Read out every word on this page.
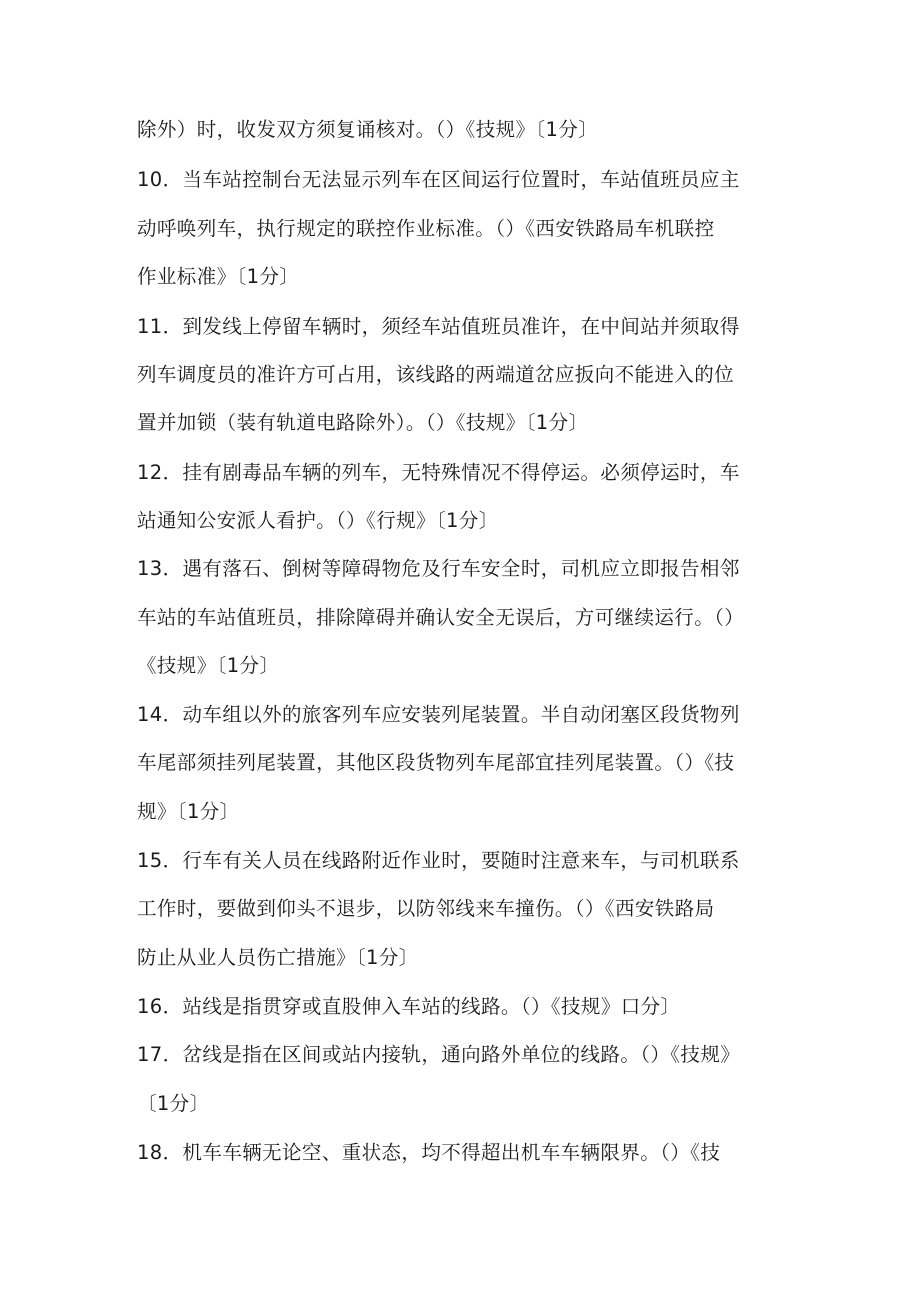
除外）时，收发双方须复诵核对。（）《技规》〔1分〕
10．当车站控制台无法显示列车在区间运行位置时，车站值班员应主
动呼唤列车，执行规定的联控作业标准。（）《西安铁路局车机联控
作业标准》〔1分〕
11．到发线上停留车辆时，须经车站值班员准许，在中间站并须取得
列车调度员的准许方可占用，该线路的两端道岔应扳向不能进入的位
置并加锁（装有轨道电路除外）。（）《技规》〔1分〕
12．挂有剧毒品车辆的列车，无特殊情况不得停运。必须停运时，车
站通知公安派人看护。（）《行规》〔1分〕
13．遇有落石、倒树等障碍物危及行车安全时，司机应立即报告相邻
车站的车站值班员，排除障碍并确认安全无误后，方可继续运行。（）
《技规》〔1分〕
14．动车组以外的旅客列车应安装列尾装置。半自动闭塞区段货物列
车尾部须挂列尾装置，其他区段货物列车尾部宜挂列尾装置。（）《技
规》〔1分〕
15．行车有关人员在线路附近作业时，要随时注意来车，与司机联系
工作时，要做到仰头不退步，以防邻线来车撞伤。（）《西安铁路局
防止从业人员伤亡措施》〔1分〕
16．站线是指贯穿或直股伸入车站的线路。（）《技规》口分〕
17．岔线是指在区间或站内接轨，通向路外单位的线路。（）《技规》
〔1分〕
18．机车车辆无论空、重状态，均不得超出机车车辆限界。（）《技
